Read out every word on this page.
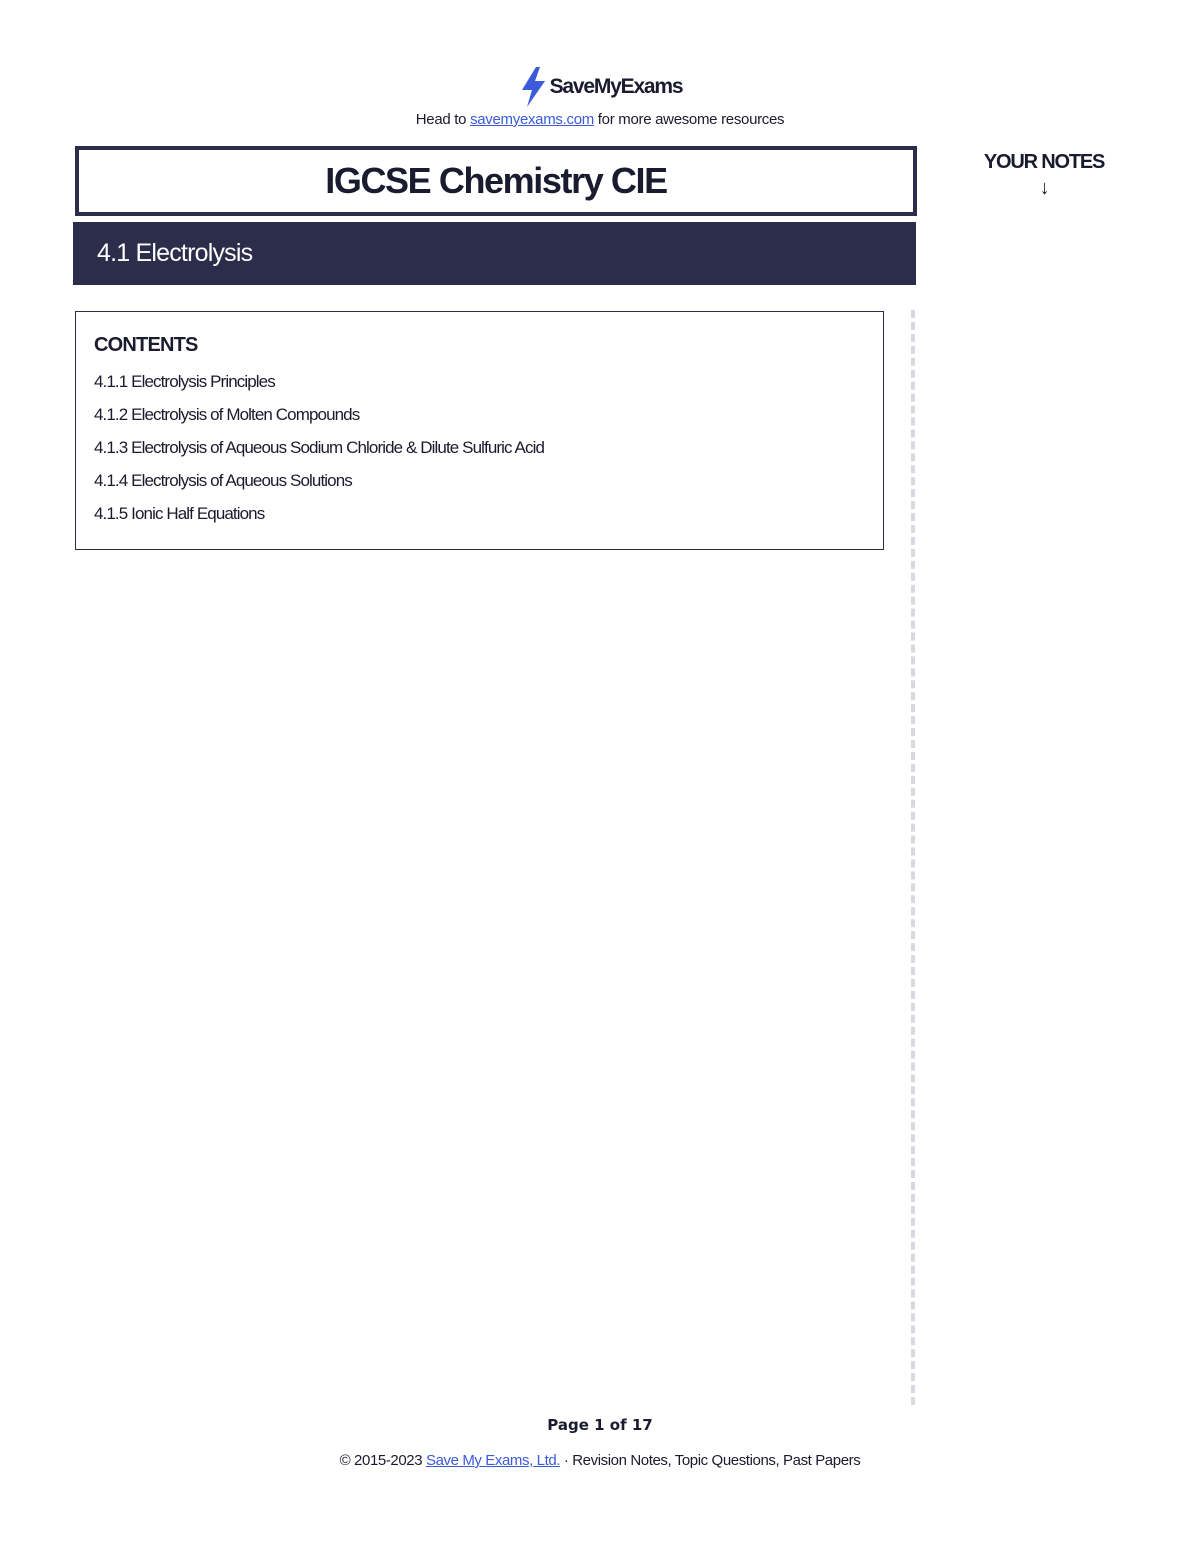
SaveMyExams
Head to savemyexams.com for more awesome resources
IGCSE Chemistry CIE
4.1 Electrolysis
YOUR NOTES
↓
CONTENTS
4.1.1 Electrolysis Principles
4.1.2 Electrolysis of Molten Compounds
4.1.3 Electrolysis of Aqueous Sodium Chloride & Dilute Sulfuric Acid
4.1.4 Electrolysis of Aqueous Solutions
4.1.5 Ionic Half Equations
Page 1 of 17
© 2015-2023 Save My Exams, Ltd. · Revision Notes, Topic Questions, Past Papers
